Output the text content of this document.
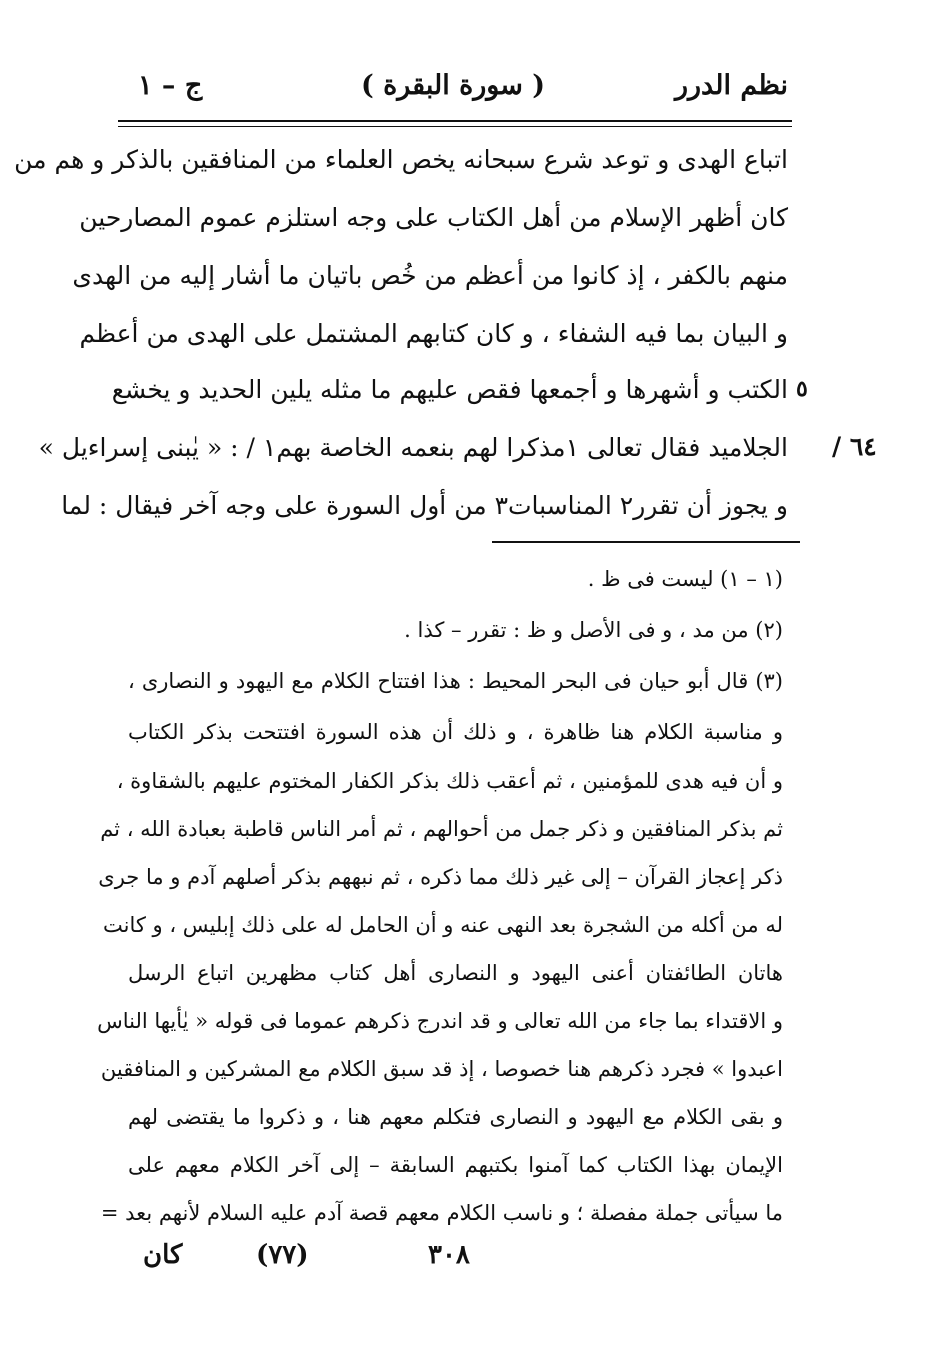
نظم الدرر
( سورة البقرة )
ج – ١
اتباع الهدى و توعد شرع سبحانه يخص العلماء من المنافقين بالذكر و هم من
كان أظهر الإسلام من أهل الكتاب على وجه استلزم عموم المصارحين
منهم بالكفر ، إذ كانوا من أعظم من خُص باتيان ما أشار إليه من الهدى
و البيان بما فيه الشفاء ، و كان كتابهم المشتمل على الهدى من أعظم
الكتب و أشهرها و أجمعها فقص عليهم ما مثله يلين الحديد و يخشع
الجلاميد فقال تعالى ١مذكرا لهم بنعمه الخاصة بهم١ / : « يٰبنى إسراءيل »
و يجوز أن تقرر٢ المناسبات٣ من أول السورة على وجه آخر فيقال : لما
٥
٦٤ /
(١ – ١) ليست فى ظ .
(٢) من مد ، و فى الأصل و ظ : تقرر – كذا .
(٣) قال أبو حيان فى البحر المحيط : هذا افتتاح الكلام مع اليهود و النصارى ،
و مناسبة الكلام هنا ظاهرة ، و ذلك أن هذه السورة افتتحت بذكر الكتاب
و أن فيه هدى للمؤمنين ، ثم أعقب ذلك بذكر الكفار المختوم عليهم بالشقاوة ،
ثم بذكر المنافقين و ذكر جمل من أحوالهم ، ثم أمر الناس قاطبة بعبادة الله ، ثم
ذكر إعجاز القرآن – إلى غير ذلك مما ذكره ، ثم نبههم بذكر أصلهم آدم و ما جرى
له من أكله من الشجرة بعد النهى عنه و أن الحامل له على ذلك إبليس ، و كانت
هاتان الطائفتان أعنى اليهود و النصارى أهل كتاب مظهرين اتباع الرسل
و الاقتداء بما جاء من الله تعالى و قد اندرج ذكرهم عموما فى قوله « يٰأيها الناس
اعبدوا » فجرد ذكرهم هنا خصوصا ، إذ قد سبق الكلام مع المشركين و المنافقين
و بقى الكلام مع اليهود و النصارى فتكلم معهم هنا ، و ذكروا ما يقتضى لهم
الإيمان بهذا الكتاب كما آمنوا بكتبهم السابقة – إلى آخر الكلام معهم على
ما سيأتى جملة مفصلة ؛ و ناسب الكلام معهم قصة آدم عليه السلام لأنهم بعد =
٣٠٨
(٧٧)
كان
